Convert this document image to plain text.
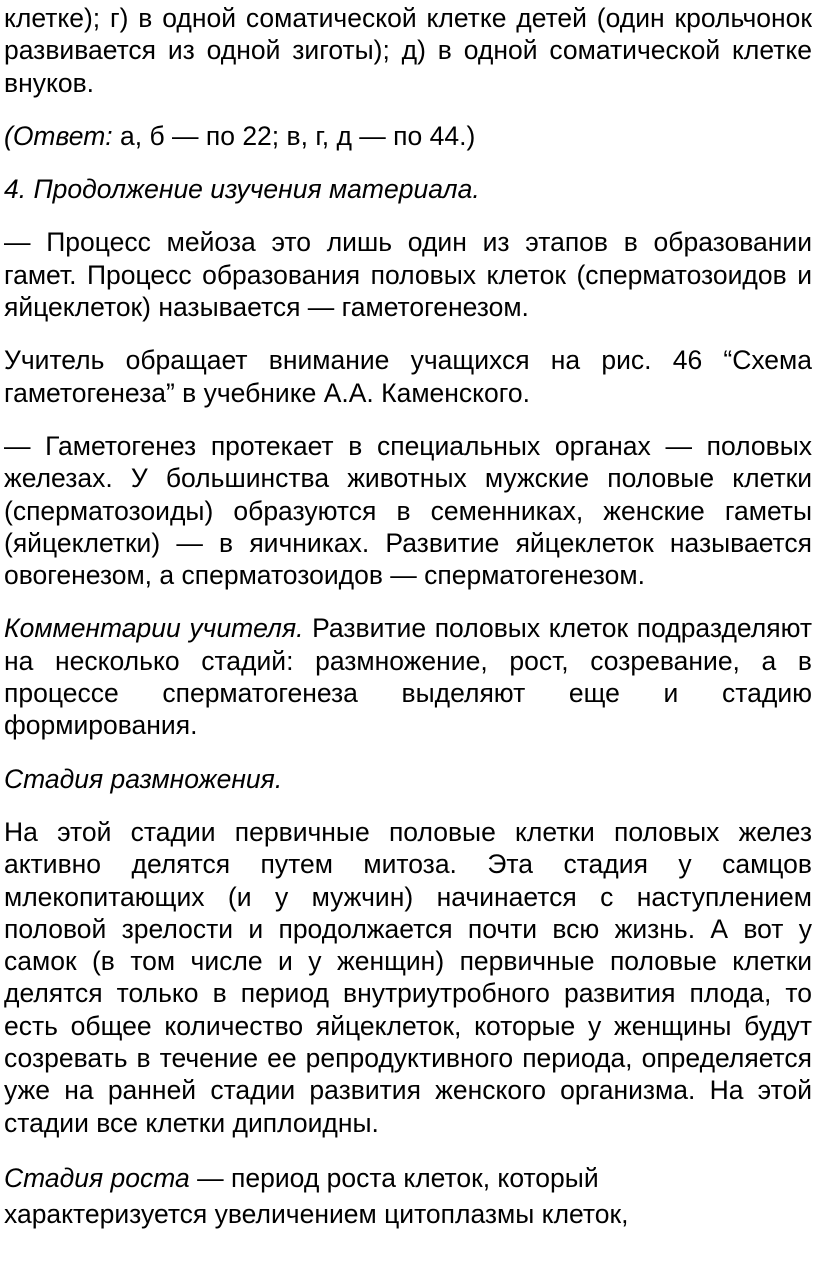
клетке); г) в одной соматической клетке детей (один крольчонок развивается из одной зиготы); д) в одной соматической клетке внуков.

(Ответ: а, б — по 22; в, г, д — по 44.)

4. Продолжение изучения материала.

— Процесс мейоза это лишь один из этапов в образовании гамет. Процесс образования половых клеток (сперматозоидов и яйцеклеток) называется — гаметогенезом.

Учитель обращает внимание учащихся на рис. 46 “Схема гаметогенеза” в учебнике А.А. Каменского.

— Гаметогенез протекает в специальных органах — половых железах. У большинства животных мужские половые клетки (сперматозоиды) образуются в семенниках, женские гаметы (яйцеклетки) — в яичниках. Развитие яйцеклеток называется овогенезом, а сперматозоидов — сперматогенезом.

Комментарии учителя. Развитие половых клеток подразделяют на несколько стадий: размножение, рост, созревание, а в процессе сперматогенеза выделяют еще и стадию формирования.

Стадия размножения.

На этой стадии первичные половые клетки половых желез активно делятся путем митоза. Эта стадия у самцов млекопитающих (и у мужчин) начинается с наступлением половой зрелости и продолжается почти всю жизнь. А вот у самок (в том числе и у женщин) первичные половые клетки делятся только в период внутриутробного развития плода, то есть общее количество яйцеклеток, которые у женщины будут созревать в течение ее репродуктивного периода, определяется уже на ранней стадии развития женского организма. На этой стадии все клетки диплоидны.

Стадия роста — период роста клеток, который
характеризуется увеличением цитоплазмы клеток,
